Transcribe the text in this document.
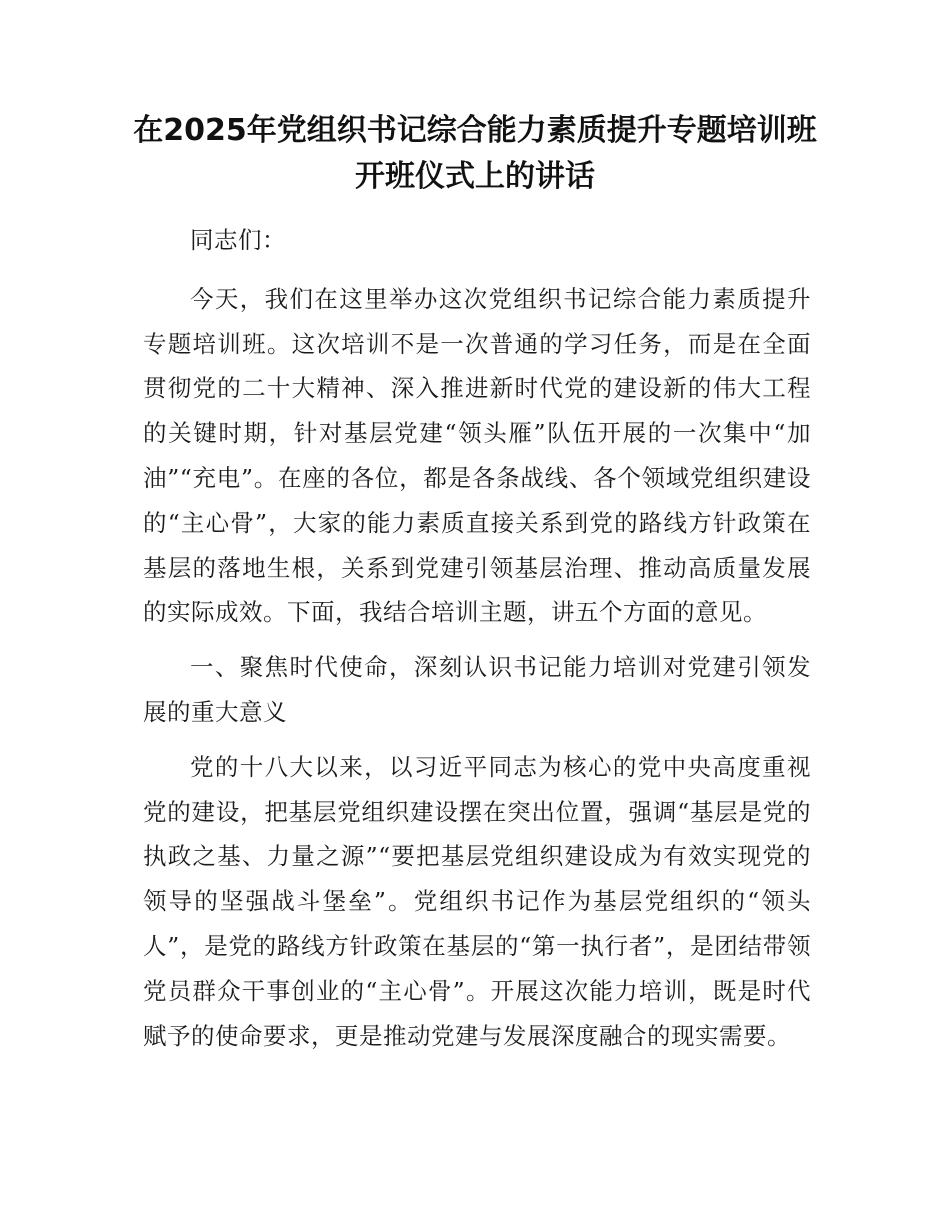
在2025年党组织书记综合能力素质提升专题培训班开班仪式上的讲话

同志们：

今天，我们在这里举办这次党组织书记综合能力素质提升专题培训班。这次培训不是一次普通的学习任务，而是在全面贯彻党的二十大精神、深入推进新时代党的建设新的伟大工程的关键时期，针对基层党建“领头雁”队伍开展的一次集中“加油”“充电”。在座的各位，都是各条战线、各个领域党组织建设的“主心骨”，大家的能力素质直接关系到党的路线方针政策在基层的落地生根，关系到党建引领基层治理、推动高质量发展的实际成效。下面，我结合培训主题，讲五个方面的意见。

一、聚焦时代使命，深刻认识书记能力培训对党建引领发展的重大意义

党的十八大以来，以习近平同志为核心的党中央高度重视党的建设，把基层党组织建设摆在突出位置，强调“基层是党的执政之基、力量之源”“要把基层党组织建设成为有效实现党的领导的坚强战斗堡垒”。党组织书记作为基层党组织的“领头人”，是党的路线方针政策在基层的“第一执行者”，是团结带领党员群众干事创业的“主心骨”。开展这次能力培训，既是时代赋予的使命要求，更是推动党建与发展深度融合的现实需要。
